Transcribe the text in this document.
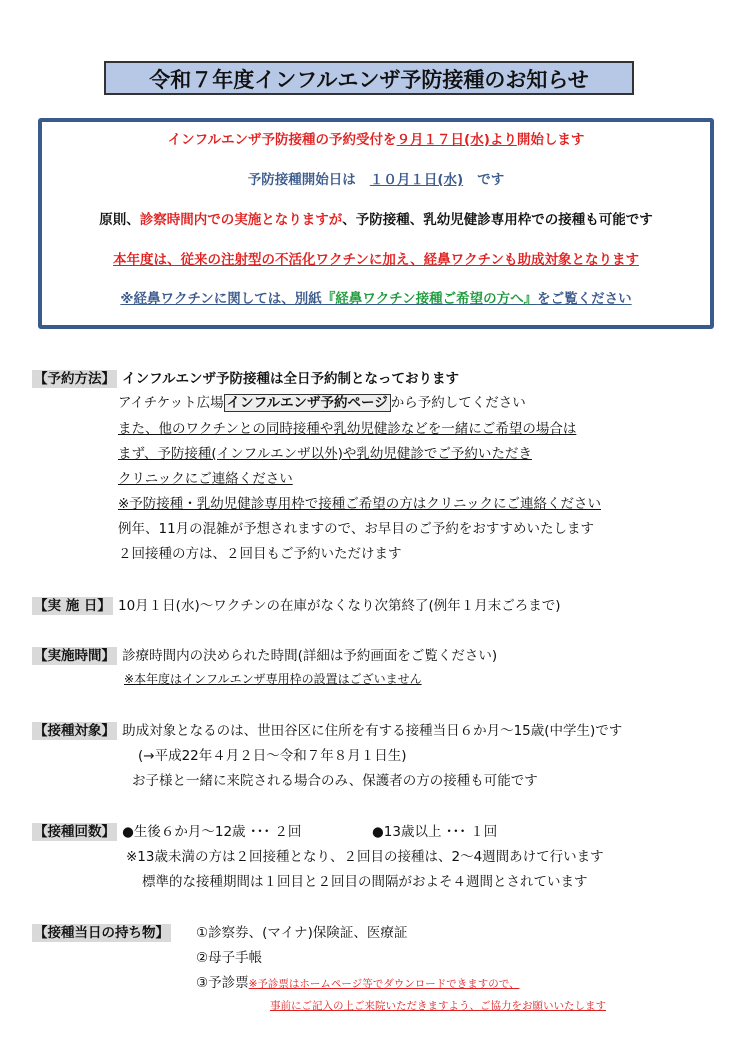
令和７年度インフルエンザ予防接種のお知らせ
インフルエンザ予防接種の予約受付を９月１７日(水)より開始します
予防接種開始日は １０月１日(水) です
原則、診察時間内での実施となりますが、予防接種、乳幼児健診専用枠での接種も可能です
本年度は、従来の注射型の不活化ワクチンに加え、経鼻ワクチンも助成対象となります
※経鼻ワクチンに関しては、別紙『経鼻ワクチン接種ご希望の方へ』をご覧ください
【予約方法】 インフルエンザ予防接種は全日予約制となっております
アイチケット広場 インフルエンザ予約ページ から予約してください
また、他のワクチンとの同時接種や乳幼児健診などを一緒にご希望の場合は
まず、予防接種(インフルエンザ以外)や乳幼児健診でご予約いただき
クリニックにご連絡ください
※予防接種・乳幼児健診専用枠で接種ご希望の方はクリニックにご連絡ください
例年、11月の混雑が予想されますので、お早目のご予約をおすすめいたします
２回接種の方は、２回目もご予約いただけます
【実 施 日】 10月１日(水)～ワクチンの在庫がなくなり次第終了(例年１月末ごろまで)
【実施時間】 診療時間内の決められた時間(詳細は予約画面をご覧ください)
※本年度はインフルエンザ専用枠の設置はございません
【接種対象】 助成対象となるのは、世田谷区に住所を有する接種当日６か月～15歳(中学生)です
(→平成22年４月２日～令和７年８月１日生)
お子様と一緒に来院される場合のみ、保護者の方の接種も可能です
【接種回数】 ●生後６か月～12歳 ･･･ ２回	●13歳以上 ･･･ １回
※13歳未満の方は２回接種となり、２回目の接種は、2～4週間あけて行います
標準的な接種期間は１回目と２回目の間隔がおよそ４週間とされています
【接種当日の持ち物】 ①診察券、(マイナ)保険証、医療証
②母子手帳
③予診票※予診票はホームページ等でダウンロードできますので、
事前にご記入の上ご来院いただきますよう、ご協力をお願いいたします
